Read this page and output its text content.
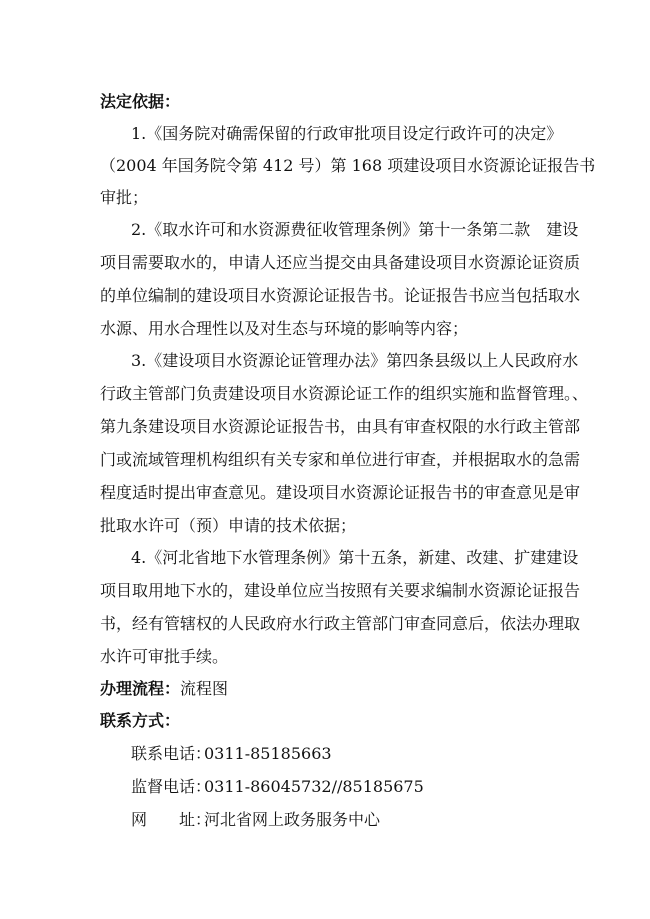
法定依据：
1.《国务院对确需保留的行政审批项目设定行政许可的决定》
（2004 年国务院令第 412 号）第 168 项建设项目水资源论证报告书
审批；
2.《取水许可和水资源费征收管理条例》第十一条第二款　建设
项目需要取水的，申请人还应当提交由具备建设项目水资源论证资质
的单位编制的建设项目水资源论证报告书。论证报告书应当包括取水
水源、用水合理性以及对生态与环境的影响等内容；
3.《建设项目水资源论证管理办法》第四条县级以上人民政府水
行政主管部门负责建设项目水资源论证工作的组织实施和监督管理。、
第九条建设项目水资源论证报告书，由具有审查权限的水行政主管部
门或流域管理机构组织有关专家和单位进行审查，并根据取水的急需
程度适时提出审查意见。建设项目水资源论证报告书的审查意见是审
批取水许可（预）申请的技术依据；
4.《河北省地下水管理条例》第十五条，新建、改建、扩建建设
项目取用地下水的，建设单位应当按照有关要求编制水资源论证报告
书，经有管辖权的人民政府水行政主管部门审查同意后，依法办理取
水许可审批手续。
办理流程：流程图
联系方式：
联系电话：0311-85185663
监督电话：0311-86045732//85185675
网　　址：河北省网上政务服务中心
